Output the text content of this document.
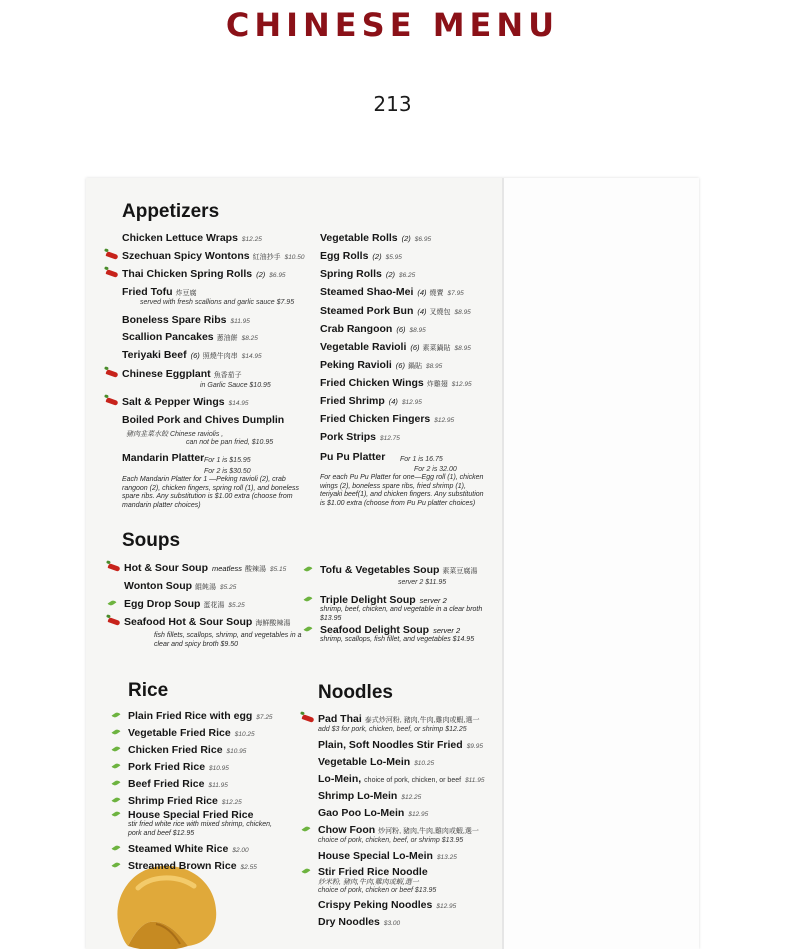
CHINESE MENU
213
Appetizers
served with fresh scallions and garlic sauce $7.95
in Garlic Sauce $10.95
豬肉韭菜水餃 Chinese raviolis ,
can not be pan fried, $10.95
For 1 is $15.95
For 2 is $30.50
Each Mandarin Platter for 1 —Peking ravioli (2), crab rangoon (2), chicken fingers, spring roll (1), and boneless spare ribs. Any substitution is $1.00 extra (choose from mandarin platter choices)
For 1 is 16.75
For 2 is 32.00
For each Pu Pu Platter for one—Egg roll (1), chicken wings (2), boneless spare ribs, fried shrimp (1), teriyaki beef(1), and chicken fingers. Any substitution is $1.00 extra (choose from Pu Pu platter choices)
Soups
fish fillets, scallops, shrimp, and vegetables in a clear and spicy broth $9.50
server 2 $11.95
shrimp, beef, chicken, and vegetable in a clear broth $13.95
shrimp, scallops, fish fillet, and vegetables $14.95
Rice
stir fried white rice with mixed shrimp, chicken, pork and beef $12.95
Noodles
add $3 for pork, chicken, beef, or shrimp $12.25
choice of pork, chicken, beef, or shrimp $13.95
炒米粉, 豬肉,牛肉,雞肉或蝦,選一
choice of pork, chicken or beef $13.95
Chicken Lettuce Wraps $12.25
Szechuan Spicy Wontons 紅油抄手 $10.50
Thai Chicken Spring Rolls (2) $6.95
Fried Tofu 炸豆腐
Boneless Spare Ribs $11.95
Scallion Pancakes 蔥油餅 $8.25
Teriyaki Beef (6) 照燒牛肉串 $14.95
Chinese Eggplant 魚香茄子
Salt & Pepper Wings $14.95
Boiled Pork and Chives Dumplin
Mandarin Platter
Vegetable Rolls (2) $6.95
Egg Rolls (2) $5.95
Spring Rolls (2) $6.25
Steamed Shao-Mei (4) 燒賣 $7.95
Steamed Pork Bun (4) 叉燒包 $8.95
Crab Rangoon (6) $8.95
Vegetable Ravioli (6) 素菜鍋貼 $8.95
Peking Ravioli (6) 鍋貼 $8.95
Fried Chicken Wings 炸雞翅 $12.95
Fried Shrimp (4) $12.95
Fried Chicken Fingers $12.95
Pork Strips $12.75
Pu Pu Platter
Hot & Sour Soup meatless 酸辣湯 $5.15
Wonton Soup 餛飩湯 $5.25
Egg Drop Soup 蛋花湯 $5.25
Seafood Hot & Sour Soup 海鮮酸辣湯
Tofu & Vegetables Soup 素菜豆腐湯
Triple Delight Soup server 2
Seafood Delight Soup server 2
Plain Fried Rice with egg $7.25
Vegetable Fried Rice $10.25
Chicken Fried Rice $10.95
Pork Fried Rice $10.95
Beef Fried Rice $11.95
Shrimp Fried Rice $12.25
House Special Fried Rice
Steamed White Rice $2.00
Streamed Brown Rice $2.55
Pad Thai 泰式炒河粉, 豬肉,牛肉,雞肉或蝦,選一
Plain, Soft Noodles Stir Fried $9.95
Vegetable Lo-Mein $10.25
Lo-Mein, choice of pork, chicken, or beef $11.95
Shrimp Lo-Mein $12.25
Gao Poo Lo-Mein $12.95
Chow Foon 炒河粉, 豬肉,牛肉,雞肉或蝦,選一
House Special Lo-Mein $13.25
Stir Fried Rice Noodle
Crispy Peking Noodles $12.95
Dry Noodles $3.00
